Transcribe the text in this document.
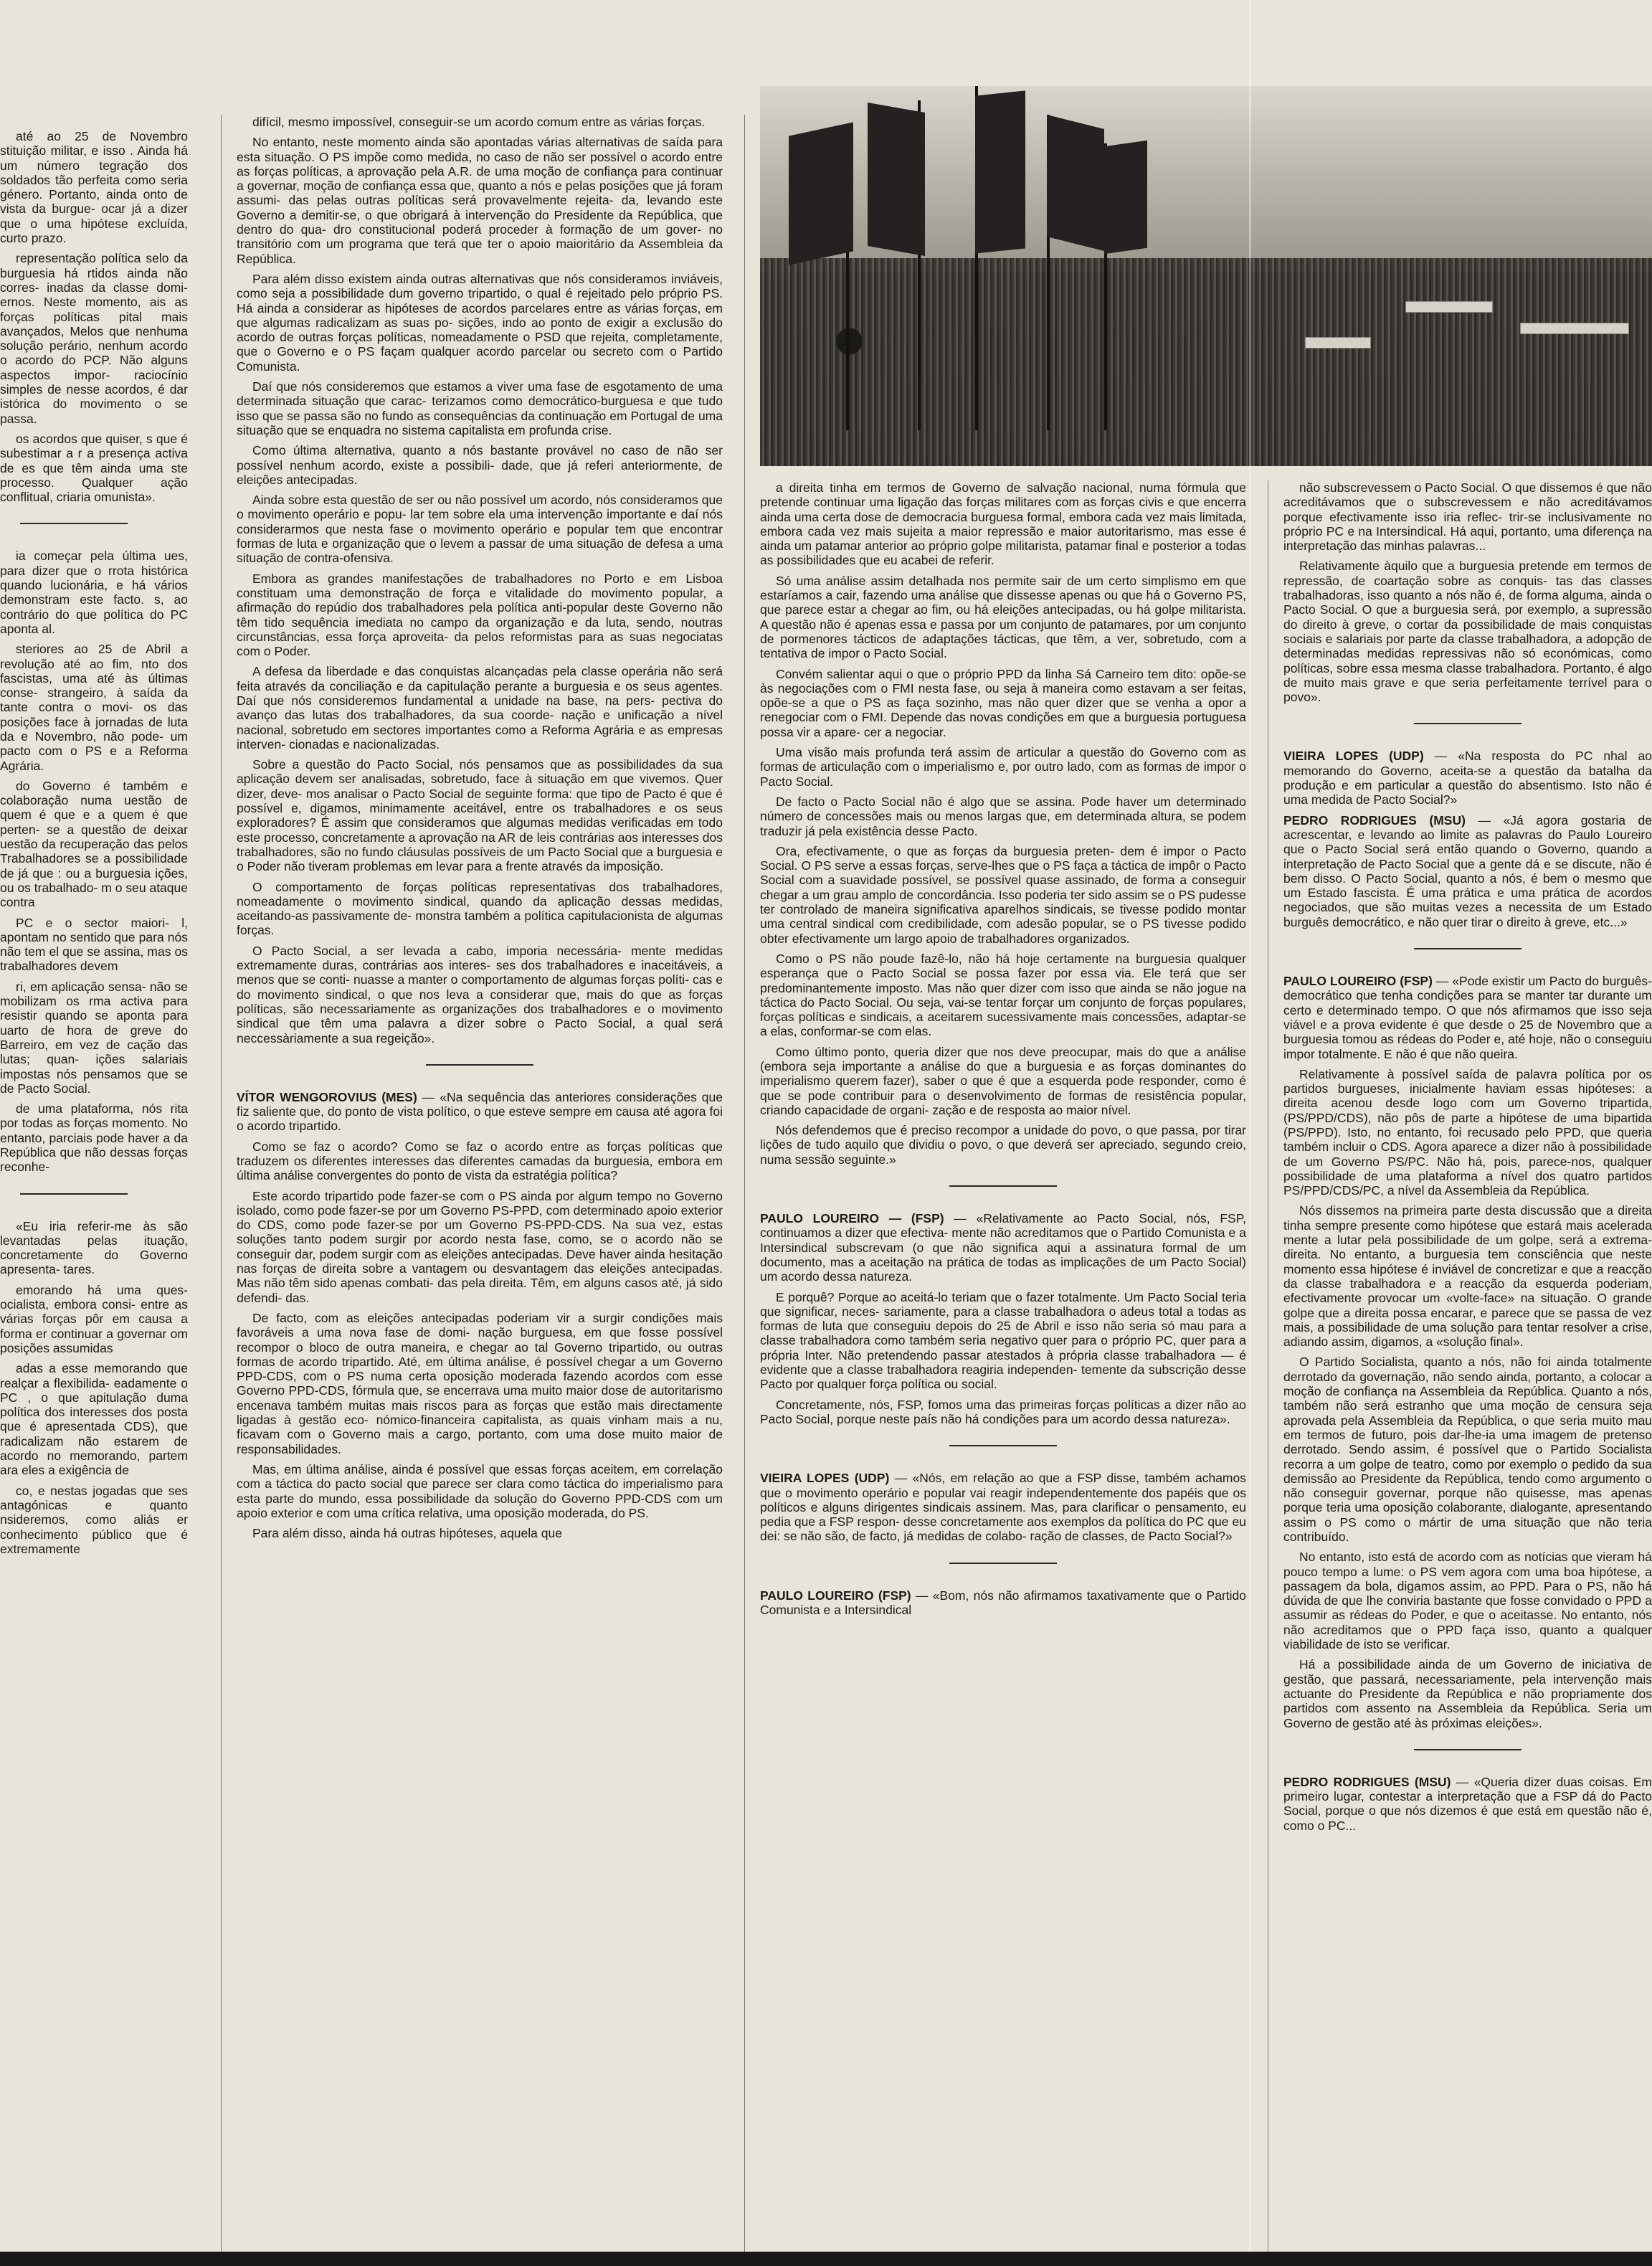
até ao 25 de Novembro stituição militar, e isso . Ainda há um número tegração dos soldados tão perfeita como seria género. Portanto, ainda onto de vista da burgue- ocar já a dizer que o uma hipótese excluída, curto prazo.

representação política selo da burguesia há rtidos ainda não corres- inadas da classe domi- ernos. Neste momento, ais as forças políticas pital mais avançados, Melos que nenhuma solução perário, nenhum acordo o acordo do PCP. Não alguns aspectos impor- raciocínio simples de nesse acordos, é dar istórica do movimento o se passa.

os acordos que quiser, s que é subestimar a r a presença activa de es que têm ainda uma ste processo. Qualquer ação conflitual, criaria omunista».

ia começar pela última ues, para dizer que o rrota histórica quando lucionária, e há vários demonstram este facto. s, ao contrário do que política do PC aponta al.

steriores ao 25 de Abril a revolução até ao fim, nto dos fascistas, uma até às últimas conse- strangeiro, à saída da tante contra o movi- os das posições face à jornadas de luta da e Novembro, não pode- um pacto com o PS e a Reforma Agrária.

do Governo é também e colaboração numa uestão de quem é que e a quem é que perten- se a questão de deixar uestão da recuperação das pelos Trabalhadores se a possibilidade de já que : ou a burguesia ições, ou os trabalhado- m o seu ataque contra

PC e o sector maiori- l, apontam no sentido que para nós não tem el que se assina, mas os trabalhadores devem

ri, em aplicação sensa- não se mobilizam os rma activa para resistir quando se aponta para uarto de hora de greve do Barreiro, em vez de cação das lutas; quan- ições salariais impostas nós pensamos que se de Pacto Social.

de uma plataforma, nós rita por todas as forças momento. No entanto, parciais pode haver a da República que não dessas forças reconhe-

«Eu iria referir-me às são levantadas pelas ituação, concretamente do Governo apresenta- tares.

emorando há uma ques- ocialista, embora consi- entre as várias forças pôr em causa a forma er continuar a governar om posições assumidas

adas a esse memorando que realçar a flexibilida- eadamente o PC , o que apitulação duma política dos interesses dos posta que é apresentada CDS), que radicalizam não estarem de acordo no memorando, partem ara eles a exigência de

co, e nestas jogadas que ses antagónicas e quanto nsideremos, como aliás er conhecimento público que é extremamente

difícil, mesmo impossível, conseguir-se um acordo comum entre as várias forças.

No entanto, neste momento ainda são apontadas várias alternativas de saída para esta situação. O PS impõe como medida, no caso de não ser possível o acordo entre as forças políticas, a aprovação pela A.R. de uma moção de confiança para continuar a governar, moção de confiança essa que, quanto a nós e pelas posições que já foram assumi- das pelas outras políticas será provavelmente rejeita- da, levando este Governo a demitir-se, o que obrigará à intervenção do Presidente da República, que dentro do qua- dro constitucional poderá proceder à formação de um gover- no transitório com um programa que terá que ter o apoio maioritário da Assembleia da República.

Para além disso existem ainda outras alternativas que nós consideramos inviáveis, como seja a possibilidade dum governo tripartido, o qual é rejeitado pelo próprio PS. Há ainda a considerar as hipóteses de acordos parcelares entre as várias forças, em que algumas radicalizam as suas po- sições, indo ao ponto de exigir a exclusão do acordo de outras forças políticas, nomeadamente o PSD que rejeita, completamente, que o Governo e o PS façam qualquer acordo parcelar ou secreto com o Partido Comunista.

Daí que nós consideremos que estamos a viver uma fase de esgotamento de uma determinada situação que carac- terizamos como democrático-burguesa e que tudo isso que se passa são no fundo as consequências da continuação em Portugal de uma situação que se enquadra no sistema capitalista em profunda crise.

Como última alternativa, quanto a nós bastante provável no caso de não ser possível nenhum acordo, existe a possibili- dade, que já referi anteriormente, de eleições antecipadas.

Ainda sobre esta questão de ser ou não possível um acordo, nós consideramos que o movimento operário e popu- lar tem sobre ela uma intervenção importante e daí nós considerarmos que nesta fase o movimento operário e popular tem que encontrar formas de luta e organização que o levem a passar de uma situação de defesa a uma situação de contra-ofensiva.

Embora as grandes manifestações de trabalhadores no Porto e em Lisboa constituam uma demonstração de força e vitalidade do movimento popular, a afirmação do repúdio dos trabalhadores pela política anti-popular deste Governo não têm tido sequência imediata no campo da organização e da luta, sendo, noutras circunstâncias, essa força aproveita- da pelos reformistas para as suas negociatas com o Poder.

A defesa da liberdade e das conquistas alcançadas pela classe operária não será feita através da conciliação e da capitulação perante a burguesia e os seus agentes. Daí que nós consideremos fundamental a unidade na base, na pers- pectiva do avanço das lutas dos trabalhadores, da sua coorde- nação e unificação a nível nacional, sobretudo em sectores importantes como a Reforma Agrária e as empresas interven- cionadas e nacionalizadas.

Sobre a questão do Pacto Social, nós pensamos que as possibilidades da sua aplicação devem ser analisadas, sobretudo, face à situação em que vivemos. Quer dizer, deve- mos analisar o Pacto Social de seguinte forma: que tipo de Pacto é que é possível e, digamos, minimamente aceitável, entre os trabalhadores e os seus exploradores? É assim que consideramos que algumas medidas verificadas em todo este processo, concretamente a aprovação na AR de leis contrárias aos interesses dos trabalhadores, são no fundo cláusulas possíveis de um Pacto Social que a burguesia e o Poder não tiveram problemas em levar para a frente através da imposição.

O comportamento de forças políticas representativas dos trabalhadores, nomeadamente o movimento sindical, quando da aplicação dessas medidas, aceitando-as passivamente de- monstra também a política capitulacionista de algumas forças.

O Pacto Social, a ser levada a cabo, imporia necessária- mente medidas extremamente duras, contrárias aos interes- ses dos trabalhadores e inaceitáveis, a menos que se conti- nuasse a manter o comportamento de algumas forças políti- cas e do movimento sindical, o que nos leva a considerar que, mais do que as forças políticas, são necessariamente as organizações dos trabalhadores e o movimento sindical que têm uma palavra a dizer sobre o Pacto Social, a qual será neccessàriamente a sua regeição».

VÍTOR WENGOROVIUS (MES) — «Na sequência das anteriores considerações que fiz saliente que, do ponto de vista político, o que esteve sempre em causa até agora foi o acordo tripartido.

Como se faz o acordo? Como se faz o acordo entre as forças políticas que traduzem os diferentes interesses das diferentes camadas da burguesia, embora em última análise convergentes do ponto de vista da estratégia política?

Este acordo tripartido pode fazer-se com o PS ainda por algum tempo no Governo isolado, como pode fazer-se por um Governo PS-PPD, com determinado apoio exterior do CDS, como pode fazer-se por um Governo PS-PPD-CDS. Na sua vez, estas soluções tanto podem surgir por acordo nesta fase, como, se o acordo não se conseguir dar, podem surgir com as eleições antecipadas. Deve haver ainda hesitação nas forças de direita sobre a vantagem ou desvantagem das eleições antecipadas. Mas não têm sido apenas combati- das pela direita. Têm, em alguns casos até, já sido defendi- das.

De facto, com as eleições antecipadas poderiam vir a surgir condições mais favoráveis a uma nova fase de domi- nação burguesa, em que fosse possível recompor o bloco de outra maneira, e chegar ao tal Governo tripartido, ou outras formas de acordo tripartido. Até, em última análise, é possível chegar a um Governo PPD-CDS, com o PS numa certa oposição moderada fazendo acordos com esse Governo PPD-CDS, fórmula que, se encerrava uma muito maior dose de autoritarismo encenava também muitas mais riscos para as forças que estão mais directamente ligadas à gestão eco- nómico-financeira capitalista, as quais vinham mais a nu, ficavam com o Governo mais a cargo, portanto, com uma dose muito maior de responsabilidades.

Mas, em última análise, ainda é possível que essas forças aceitem, em correlação com a táctica do pacto social que parece ser clara como táctica do imperialismo para esta parte do mundo, essa possibilidade da solução do Governo PPD-CDS com um apoio exterior e com uma crítica relativa, uma oposição moderada, do PS.

Para além disso, ainda há outras hipóteses, aquela que

a direita tinha em termos de Governo de salvação nacional, numa fórmula que pretende continuar uma ligação das forças militares com as forças civis e que encerra ainda uma certa dose de democracia burguesa formal, embora cada vez mais limitada, embora cada vez mais sujeita a maior repressão e maior autoritarismo, mas esse é ainda um patamar anterior ao próprio golpe militarista, patamar final e posterior a todas as possibilidades que eu acabei de referir.

Só uma análise assim detalhada nos permite sair de um certo simplismo em que estaríamos a cair, fazendo uma análise que dissesse apenas ou que há o Governo PS, que parece estar a chegar ao fim, ou há eleições antecipadas, ou há golpe militarista. A questão não é apenas essa e passa por um conjunto de patamares, por um conjunto de pormenores tácticos de adaptações tácticas, que têm, a ver, sobretudo, com a tentativa de impor o Pacto Social.

Convém salientar aqui o que o próprio PPD da linha Sá Carneiro tem dito: opõe-se às negociações com o FMI nesta fase, ou seja à maneira como estavam a ser feitas, opõe-se a que o PS as faça sozinho, mas não quer dizer que se venha a opor a renegociar com o FMI. Depende das novas condições em que a burguesia portuguesa possa vir a apare- cer a negociar.

Uma visão mais profunda terá assim de articular a questão do Governo com as formas de articulação com o imperialismo e, por outro lado, com as formas de impor o Pacto Social.

De facto o Pacto Social não é algo que se assina. Pode haver um determinado número de concessões mais ou menos largas que, em determinada altura, se podem traduzir já pela existência desse Pacto.

Ora, efectivamente, o que as forças da burguesia preten- dem é impor o Pacto Social. O PS serve a essas forças, serve-lhes que o PS faça a táctica de impôr o Pacto Social com a suavidade possível, se possível quase assinado, de forma a conseguir chegar a um grau amplo de concordância. Isso poderia ter sido assim se o PS pudesse ter controlado de maneira significativa aparelhos sindicais, se tivesse podido montar uma central sindical com credibilidade, com adesão popular, se o PS tivesse podido obter efectivamente um largo apoio de trabalhadores organizados.

Como o PS não poude fazê-lo, não há hoje certamente na burguesia qualquer esperança que o Pacto Social se possa fazer por essa via. Ele terá que ser predominantemente imposto. Mas não quer dizer com isso que ainda se não jogue na táctica do Pacto Social. Ou seja, vai-se tentar forçar um conjunto de forças populares, forças políticas e sindicais, a aceitarem sucessivamente mais concessões, adaptar-se a elas, conformar-se com elas.

Como último ponto, queria dizer que nos deve preocupar, mais do que a análise (embora seja importante a análise do que a burguesia e as forças dominantes do imperialismo querem fazer), saber o que é que a esquerda pode responder, como é que se pode contribuir para o desenvolvimento de formas de resistência popular, criando capacidade de organi- zação e de resposta ao maior nível.

Nós defendemos que é preciso recompor a unidade do povo, o que passa, por tirar lições de tudo aquilo que dividiu o povo, o que deverá ser apreciado, segundo creio, numa sessão seguinte.»

PAULO LOUREIRO — (FSP) — «Relativamente ao Pacto Social, nós, FSP, continuamos a dizer que efectiva- mente não acreditamos que o Partido Comunista e a Intersindical subscrevam (o que não significa aqui a assinatura formal de um documento, mas a aceitação na prática de todas as implicações de um Pacto Social) um acordo dessa natureza.

E porquê? Porque ao aceitá-lo teriam que o fazer totalmente. Um Pacto Social teria que significar, neces- sariamente, para a classe trabalhadora o adeus total a todas as formas de luta que conseguiu depois do 25 de Abril e isso não seria só mau para a classe trabalhadora como também seria negativo quer para o próprio PC, quer para a própria Inter. Não pretendendo passar atestados à própria classe trabalhadora — é evidente que a classe trabalhadora reagiria independen- temente da subscrição desse Pacto por qualquer força política ou social.

Concretamente, nós, FSP, fomos uma das primeiras forças políticas a dizer não ao Pacto Social, porque neste país não há condições para um acordo dessa natureza».

VIEIRA LOPES (UDP) — «Nós, em relação ao que a FSP disse, também achamos que o movimento operário e popular vai reagir independentemente dos papéis que os políticos e alguns dirigentes sindicais assinem. Mas, para clarificar o pensamento, eu pedia que a FSP respon- desse concretamente aos exemplos da política do PC que eu dei: se não são, de facto, já medidas de colabo- ração de classes, de Pacto Social?»

PAULO LOUREIRO (FSP) — «Bom, nós não afirmamos taxativamente que o Partido Comunista e a Intersindical

não subscrevessem o Pacto Social. O que dissemos é que não acreditávamos que o subscrevessem e não acreditávamos porque efectivamente isso iria reflec- trir-se inclusivamente no próprio PC e na Intersindical. Há aqui, portanto, uma diferença na interpretação das minhas palavras...

Relativamente àquilo que a burguesia pretende em termos de repressão, de coartação sobre as conquis- tas das classes trabalhadoras, isso quanto a nós não é, de forma alguma, ainda o Pacto Social. O que a burguesia será, por exemplo, a supressão do direito à greve, o cortar da possibilidade de mais conquistas sociais e salariais por parte da classe trabalhadora, a adopção de determinadas medidas repressivas não só económicas, como políticas, sobre essa mesma classe trabalhadora. Portanto, é algo de muito mais grave e que seria perfeitamente terrível para o povo».

VIEIRA LOPES (UDP) — «Na resposta do PC nhal ao memorando do Governo, aceita-se a questão da batalha da produção e em particular a questão do absentismo. Isto não é uma medida de Pacto Social?»

PEDRO RODRIGUES (MSU) — «Já agora gostaria de acrescentar, e levando ao limite as palavras do Paulo Loureiro que o Pacto Social será então quando o Governo, quando a interpretação de Pacto Social que a gente dá e se discute, não é bem disso. O Pacto Social, quanto a nós, é bem o mesmo que um Estado fascista. É uma prática e uma prática de acordos negociados, que são muitas vezes a necessita de um Estado burguês democrático, e não quer tirar o direito à greve, etc...»

PAULO LOUREIRO (FSP) — «Pode existir um Pacto do burguês-democrático que tenha condições para se manter tar durante um certo e determinado tempo. O que nós afirmamos que isso seja viável e a prova evidente é que desde o 25 de Novembro que a burguesia tomou as rédeas do Poder e, até hoje, não o conseguiu impor totalmente. E não é que não queira.

Relativamente à possível saída de palavra política por os partidos burgueses, inicialmente haviam essas hipóteses: a direita acenou desde logo com um Governo tripartida, (PS/PPD/CDS), não pôs de parte a hipótese de uma bipartida (PS/PPD). Isto, no entanto, foi recusado pelo PPD, que queria também incluir o CDS. Agora aparece a dizer não à possibilidade de um Governo PS/PC. Não há, pois, parece-nos, qualquer possibilidade de uma plataforma a nível dos quatro partidos PS/PPD/CDS/PC, a nível da Assembleia da República.

Nós dissemos na primeira parte desta discussão que a direita tinha sempre presente como hipótese que estará mais acelerada mente a lutar pela possibilidade de um golpe, será a extrema-direita. No entanto, a burguesia tem consciência que neste momento essa hipótese é inviável de concretizar e que a reacção da classe trabalhadora e a reacção da esquerda poderiam, efectivamente provocar um «volte-face» na situação. O grande golpe que a direita possa encarar, e parece que se passa de vez mais, a possibilidade de uma solução para tentar resolver a crise, adiando assim, digamos, a «solução final».

O Partido Socialista, quanto a nós, não foi ainda totalmente derrotado da governação, não sendo ainda, portanto, a colocar a moção de confiança na Assembleia da República. Quanto a nós, também não será estranho que uma moção de censura seja aprovada pela Assembleia da República, o que seria muito mau em termos de futuro, pois dar-lhe-ia uma imagem de pretenso derrotado. Sendo assim, é possível que o Partido Socialista recorra a um golpe de teatro, como por exemplo o pedido da sua demissão ao Presidente da República, tendo como argumento o não conseguir governar, porque não quisesse, mas apenas porque teria uma oposição colaborante, dialogante, apresentando assim o PS como o mártir de uma situação que não teria contribuído.

No entanto, isto está de acordo com as notícias que vieram há pouco tempo a lume: o PS vem agora com uma boa hipótese, a passagem da bola, digamos assim, ao PPD. Para o PS, não há dúvida de que lhe conviria bastante que fosse convidado o PPD a assumir as rédeas do Poder, e que o aceitasse. No entanto, nós não acreditamos que o PPD faça isso, quanto a qualquer viabilidade de isto se verificar.

Há a possibilidade ainda de um Governo de iniciativa de gestão, que passará, necessariamente, pela intervenção mais actuante do Presidente da República e não propriamente dos partidos com assento na Assembleia da República. Seria um Governo de gestão até às próximas eleições».

PEDRO RODRIGUES (MSU) — «Queria dizer duas coisas. Em primeiro lugar, contestar a interpretação que a FSP dá do Pacto Social, porque o que nós dizemos é que está em questão não é, como o PC...
